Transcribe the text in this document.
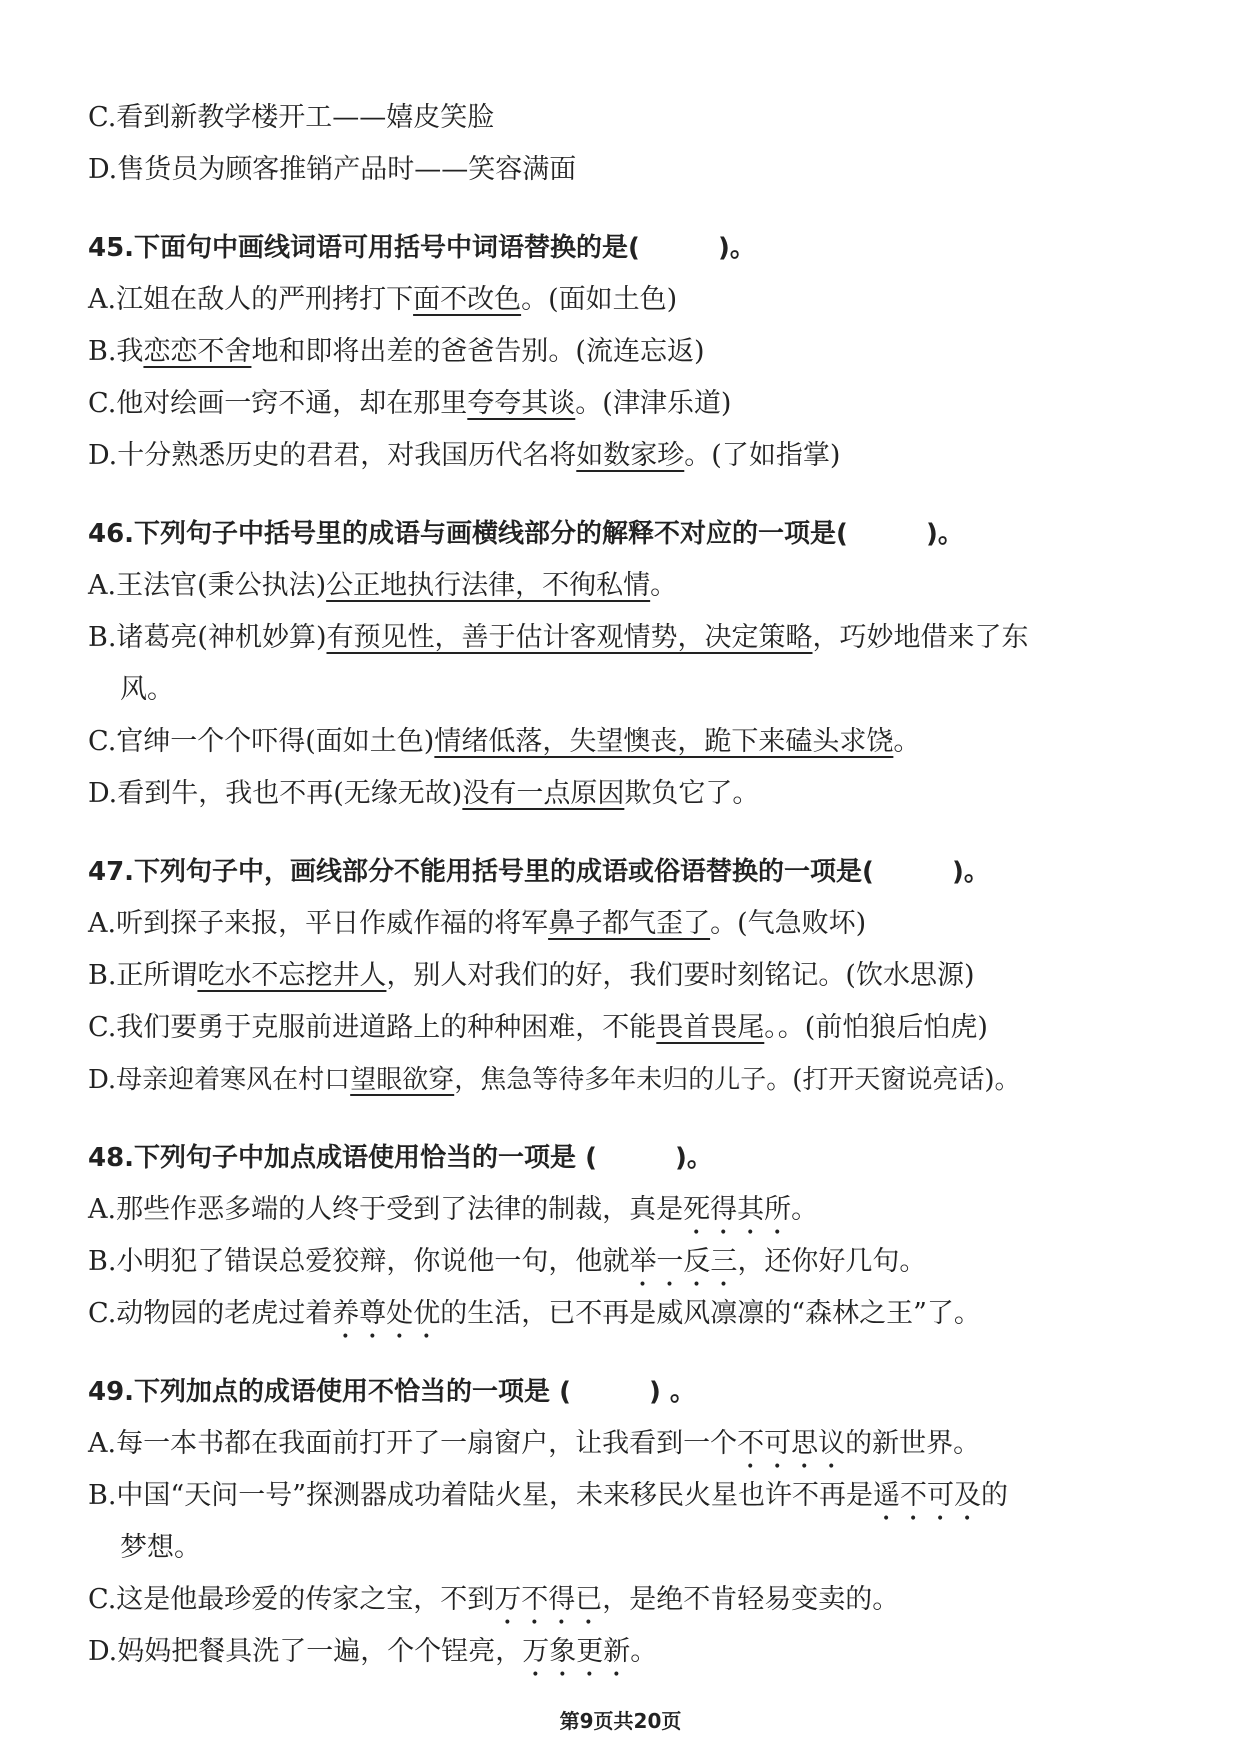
C.看到新教学楼开工——嬉皮笑脸
D.售货员为顾客推销产品时——笑容满面
45.下面句中画线词语可用括号中词语替换的是(　　　)。
A.江姐在敌人的严刑拷打下面不改色。(面如土色)
B.我恋恋不舍地和即将出差的爸爸告别。(流连忘返)
C.他对绘画一窍不通，却在那里夸夸其谈。(津津乐道)
D.十分熟悉历史的君君，对我国历代名将如数家珍。(了如指掌)
46.下列句子中括号里的成语与画横线部分的解释不对应的一项是(　　　)。
A.王法官(秉公执法)公正地执行法律，不徇私情。
B.诸葛亮(神机妙算)有预见性，善于估计客观情势，决定策略，巧妙地借来了东
风。
C.官绅一个个吓得(面如土色)情绪低落，失望懊丧，跪下来磕头求饶。
D.看到牛，我也不再(无缘无故)没有一点原因欺负它了。
47.下列句子中，画线部分不能用括号里的成语或俗语替换的一项是(　　　)。
A.听到探子来报，平日作威作福的将军鼻子都气歪了。(气急败坏)
B.正所谓吃水不忘挖井人，别人对我们的好，我们要时刻铭记。(饮水思源)
C.我们要勇于克服前进道路上的种种困难，不能畏首畏尾。。(前怕狼后怕虎)
D.母亲迎着寒风在村口望眼欲穿，焦急等待多年未归的儿子。(打开天窗说亮话)。
48.下列句子中加点成语使用恰当的一项是 (　　　)。
A.那些作恶多端的人终于受到了法律的制裁，真是死得其所。
B.小明犯了错误总爱狡辩，你说他一句，他就举一反三，还你好几句。
C.动物园的老虎过着养尊处优的生活，已不再是威风凛凛的“森林之王”了。
49.下列加点的成语使用不恰当的一项是 (　　　) 。
A.每一本书都在我面前打开了一扇窗户，让我看到一个不可思议的新世界。
B.中国“天问一号”探测器成功着陆火星，未来移民火星也许不再是遥不可及的
梦想。
C.这是他最珍爱的传家之宝，不到万不得已，是绝不肯轻易变卖的。
D.妈妈把餐具洗了一遍，个个锃亮，万象更新。
第9页共20页
